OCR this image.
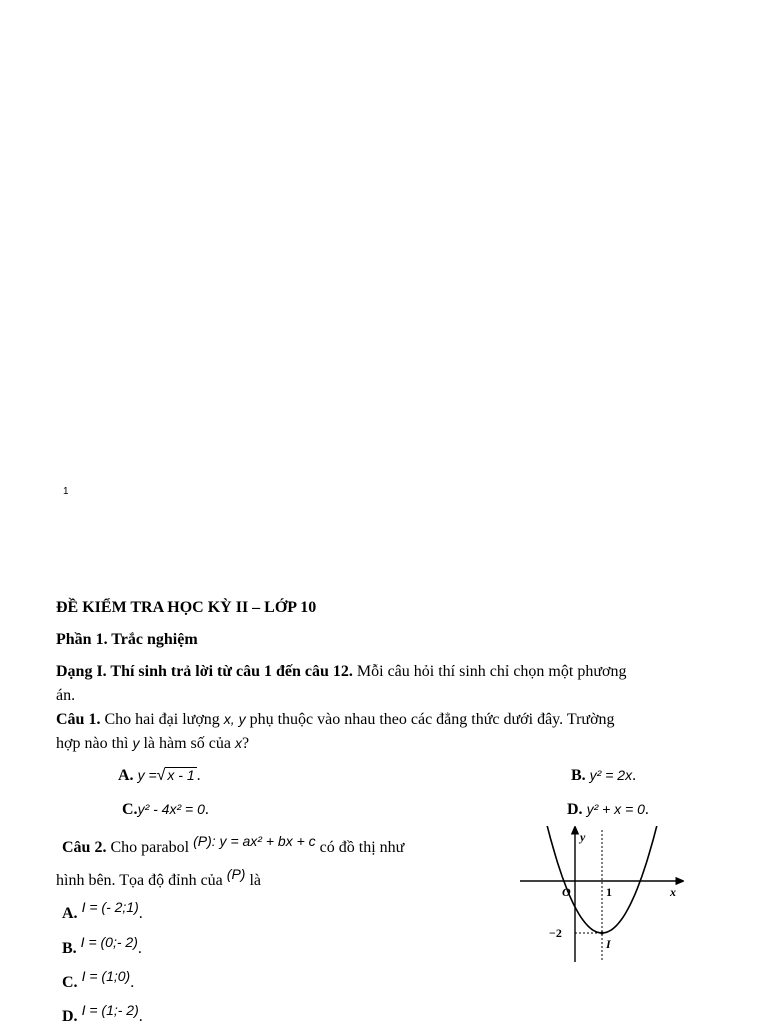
1
ĐỀ KIỂM TRA HỌC KỲ II – LỚP 10
Phần 1. Trắc nghiệm
Dạng I. Thí sinh trả lời từ câu 1 đến câu 12. Mỗi câu hỏi thí sinh chỉ chọn một phương
án.
Câu 1. Cho hai đại lượng x, y phụ thuộc vào nhau theo các đẳng thức dưới đây. Trường
hợp nào thì y là hàm số của x?
A. y =√ x - 1 .	B. y² = 2x.
C.y² - 4x² = 0.	D. y² + x = 0.
Câu 2. Cho parabol (P): y = ax² + bx + c có đồ thị như
hình bên. Tọa độ đỉnh của (P) là
A. I = (- 2;1).
B. I = (0;- 2).
C. I = (1;0).
D. I = (1;- 2).
y
x
O	1
−2
I
